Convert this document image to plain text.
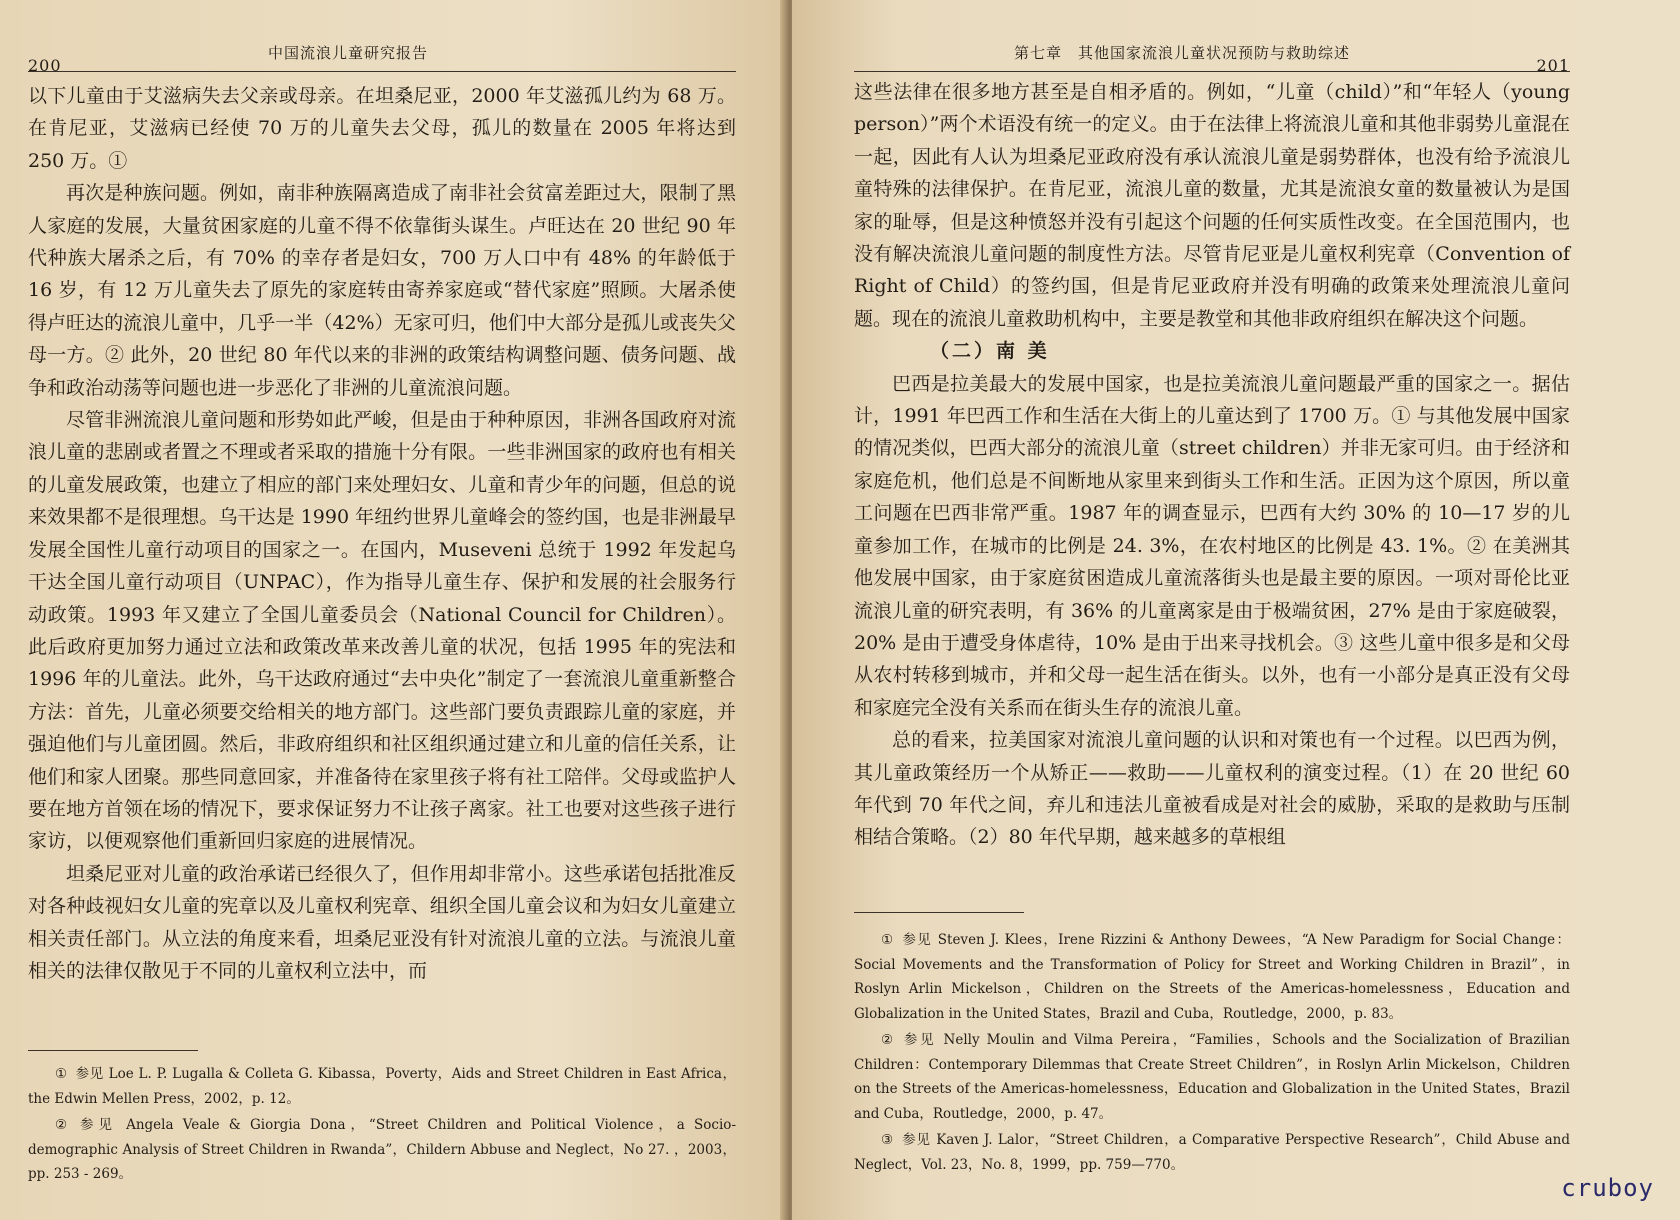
200
中国流浪儿童研究报告

以下儿童由于艾滋病失去父亲或母亲。在坦桑尼亚，2000 年艾滋孤儿约为 68 万。在肯尼亚，艾滋病已经使 70 万的儿童失去父母，孤儿的数量在 2005 年将达到 250 万。①

再次是种族问题。例如，南非种族隔离造成了南非社会贫富差距过大，限制了黑人家庭的发展，大量贫困家庭的儿童不得不依靠街头谋生。卢旺达在 20 世纪 90 年代种族大屠杀之后，有 70% 的幸存者是妇女，700 万人口中有 48% 的年龄低于 16 岁，有 12 万儿童失去了原先的家庭转由寄养家庭或“替代家庭”照顾。大屠杀使得卢旺达的流浪儿童中，几乎一半（42%）无家可归，他们中大部分是孤儿或丧失父母一方。② 此外，20 世纪 80 年代以来的非洲的政策结构调整问题、债务问题、战争和政治动荡等问题也进一步恶化了非洲的儿童流浪问题。

尽管非洲流浪儿童问题和形势如此严峻，但是由于种种原因，非洲各国政府对流浪儿童的悲剧或者置之不理或者采取的措施十分有限。一些非洲国家的政府也有相关的儿童发展政策，也建立了相应的部门来处理妇女、儿童和青少年的问题，但总的说来效果都不是很理想。乌干达是 1990 年纽约世界儿童峰会的签约国，也是非洲最早发展全国性儿童行动项目的国家之一。在国内，Museveni 总统于 1992 年发起乌干达全国儿童行动项目（UNPAC），作为指导儿童生存、保护和发展的社会服务行动政策。1993 年又建立了全国儿童委员会（National Council for Children）。此后政府更加努力通过立法和政策改革来改善儿童的状况，包括 1995 年的宪法和 1996 年的儿童法。此外，乌干达政府通过“去中央化”制定了一套流浪儿童重新整合方法：首先，儿童必须要交给相关的地方部门。这些部门要负责跟踪儿童的家庭，并强迫他们与儿童团圆。然后，非政府组织和社区组织通过建立和儿童的信任关系，让他们和家人团聚。那些同意回家，并准备待在家里孩子将有社工陪伴。父母或监护人要在地方首领在场的情况下，要求保证努力不让孩子离家。社工也要对这些孩子进行家访，以便观察他们重新回归家庭的进展情况。

坦桑尼亚对儿童的政治承诺已经很久了，但作用却非常小。这些承诺包括批准反对各种歧视妇女儿童的宪章以及儿童权利宪章、组织全国儿童会议和为妇女儿童建立相关责任部门。从立法的角度来看，坦桑尼亚没有针对流浪儿童的立法。与流浪儿童相关的法律仅散见于不同的儿童权利立法中，而

① 参见 Loe L. P. Lugalla & Colleta G. Kibassa，Poverty，Aids and Street Children in East Africa，the Edwin Mellen Press，2002，p. 12。

② 参见 Angela Veale & Giorgia Dona，“Street Children and Political Violence，a Socio-demographic Analysis of Street Children in Rwanda”，Childern Abbuse and Neglect，No 27. ，2003，pp. 253 - 269。

第七章　其他国家流浪儿童状况预防与救助综述
201

这些法律在很多地方甚至是自相矛盾的。例如，“儿童（child）”和“年轻人（young person）”两个术语没有统一的定义。由于在法律上将流浪儿童和其他非弱势儿童混在一起，因此有人认为坦桑尼亚政府没有承认流浪儿童是弱势群体，也没有给予流浪儿童特殊的法律保护。在肯尼亚，流浪儿童的数量，尤其是流浪女童的数量被认为是国家的耻辱，但是这种愤怒并没有引起这个问题的任何实质性改变。在全国范围内，也没有解决流浪儿童问题的制度性方法。尽管肯尼亚是儿童权利宪章（Convention of Right of Child）的签约国，但是肯尼亚政府并没有明确的政策来处理流浪儿童问题。现在的流浪儿童救助机构中，主要是教堂和其他非政府组织在解决这个问题。

（二）南 美

巴西是拉美最大的发展中国家，也是拉美流浪儿童问题最严重的国家之一。据估计，1991 年巴西工作和生活在大街上的儿童达到了 1700 万。① 与其他发展中国家的情况类似，巴西大部分的流浪儿童（street children）并非无家可归。由于经济和家庭危机，他们总是不间断地从家里来到街头工作和生活。正因为这个原因，所以童工问题在巴西非常严重。1987 年的调查显示，巴西有大约 30% 的 10—17 岁的儿童参加工作，在城市的比例是 24. 3%，在农村地区的比例是 43. 1%。② 在美洲其他发展中国家，由于家庭贫困造成儿童流落街头也是最主要的原因。一项对哥伦比亚流浪儿童的研究表明，有 36% 的儿童离家是由于极端贫困，27% 是由于家庭破裂，20% 是由于遭受身体虐待，10% 是由于出来寻找机会。③ 这些儿童中很多是和父母从农村转移到城市，并和父母一起生活在街头。以外，也有一小部分是真正没有父母和家庭完全没有关系而在街头生存的流浪儿童。

总的看来，拉美国家对流浪儿童问题的认识和对策也有一个过程。以巴西为例，其儿童政策经历一个从矫正——救助——儿童权利的演变过程。（1）在 20 世纪 60 年代到 70 年代之间，弃儿和违法儿童被看成是对社会的威胁，采取的是救助与压制相结合策略。（2）80 年代早期，越来越多的草根组

① 参见 Steven J. Klees，Irene Rizzini & Anthony Dewees，“A New Paradigm for Social Change：Social Movements and the Transformation of Policy for Street and Working Children in Brazil”，in Roslyn Arlin Mickelson，Children on the Streets of the Americas-homelessness，Education and Globalization in the United States，Brazil and Cuba，Routledge，2000，p. 83。

② 参见 Nelly Moulin and Vilma Pereira，“Families，Schools and the Socialization of Brazilian Children：Contemporary Dilemmas that Create Street Children”，in Roslyn Arlin Mickelson，Children on the Streets of the Americas-homelessness，Education and Globalization in the United States，Brazil and Cuba，Routledge，2000，p. 47。

③ 参见 Kaven J. Lalor，“Street Children，a Comparative Perspective Research”，Child Abuse and Neglect，Vol. 23，No. 8，1999，pp. 759—770。

cruboy
